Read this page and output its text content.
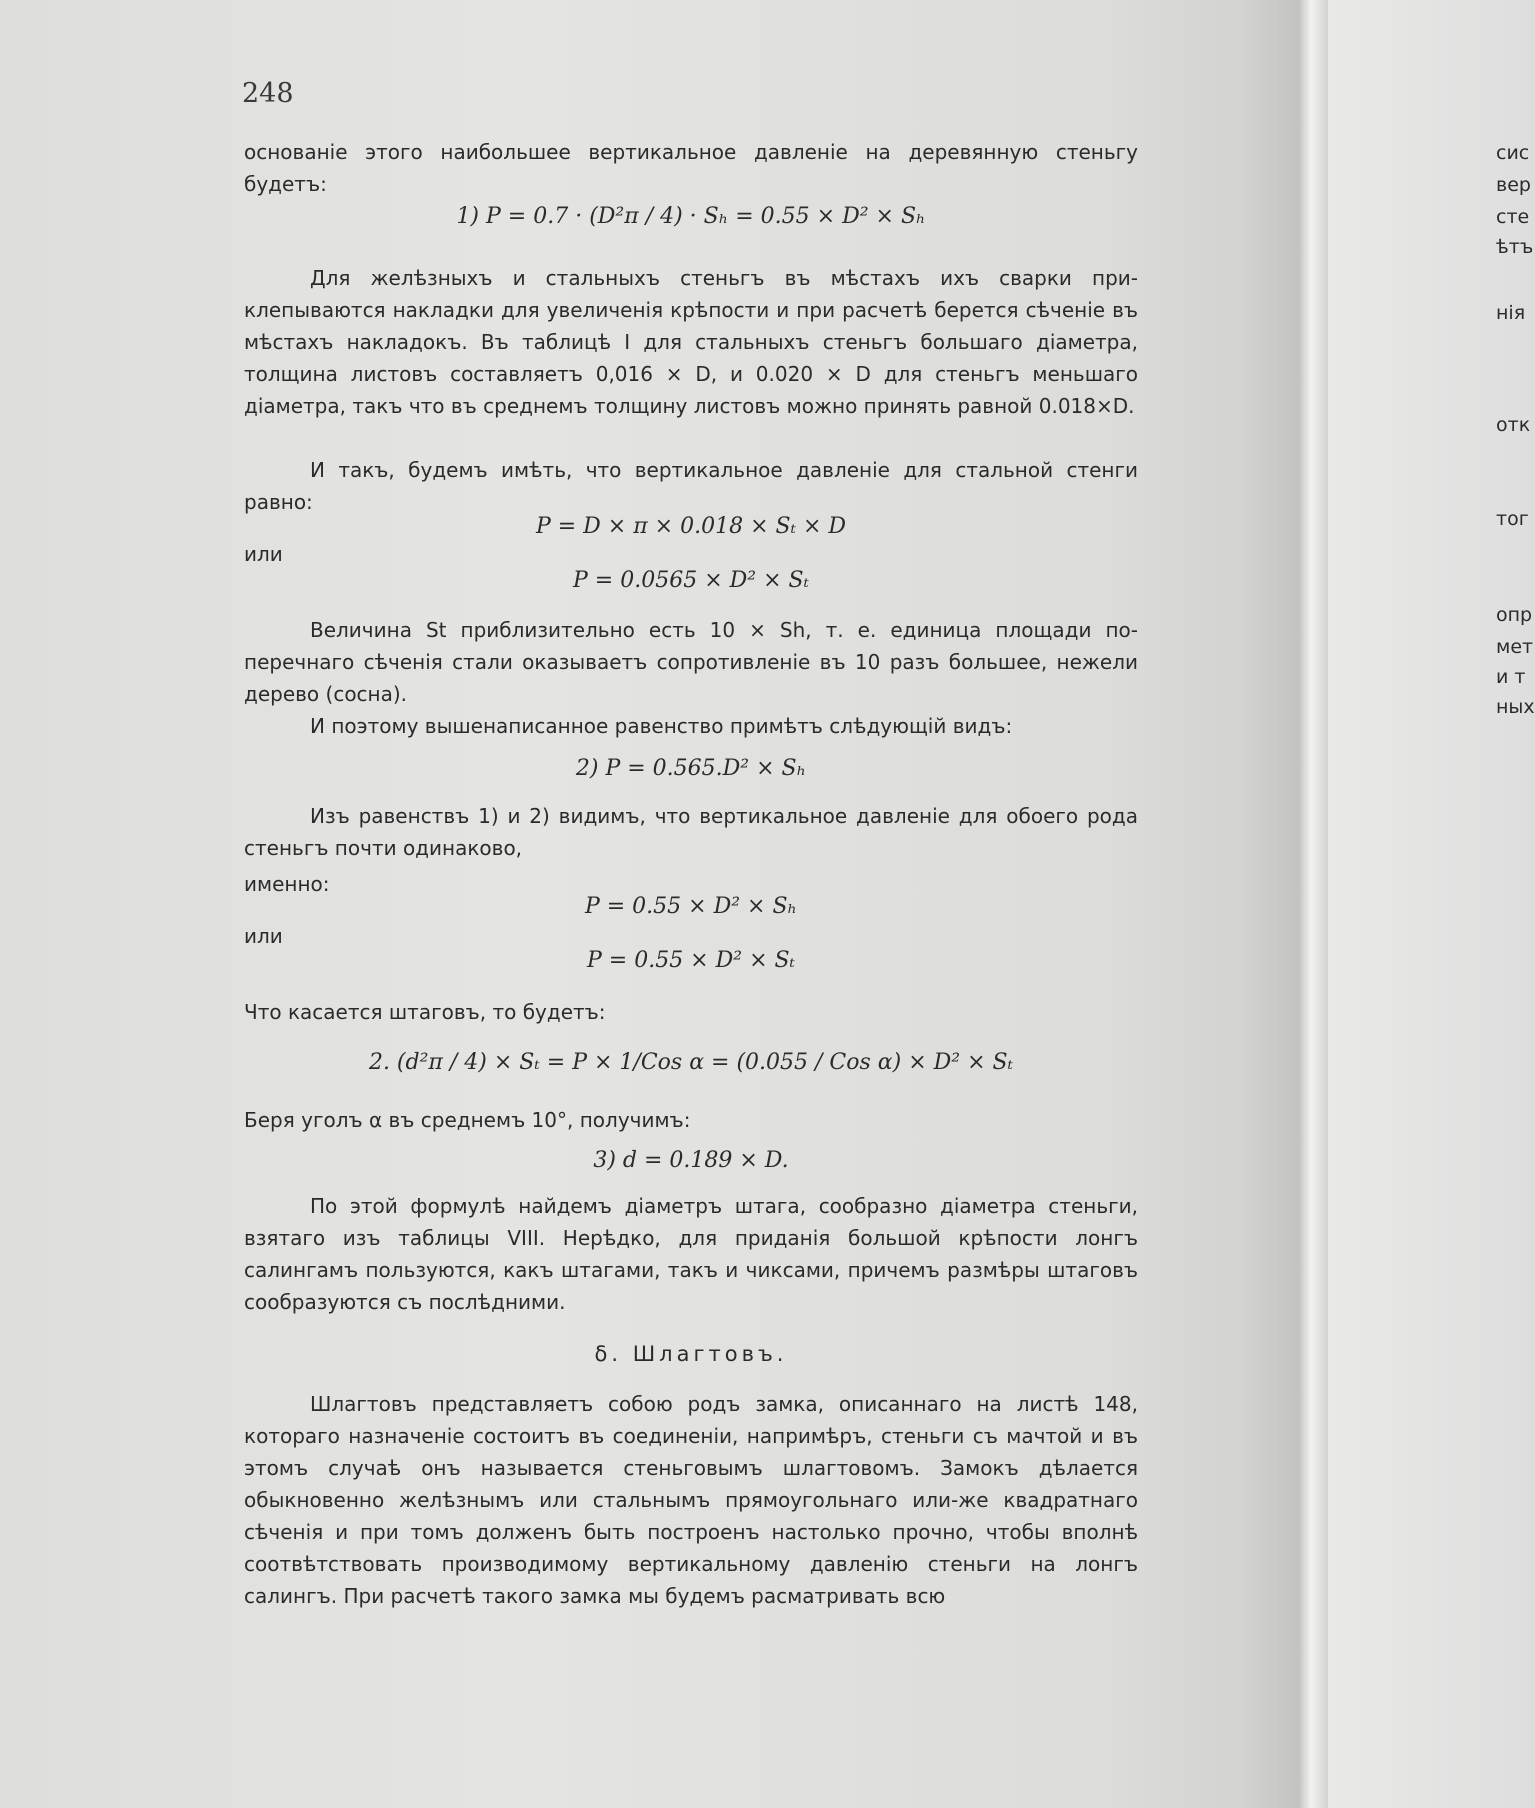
248
основаніе этого наибольшее вертикальное давленіе на деревянную стеньгу будетъ:
1) P = 0.7 · (D²π / 4) · Sₕ = 0.55 × D² × Sₕ
Для желѣзныхъ и стальныхъ стеньгъ въ мѣстахъ ихъ сварки приклепываются накладки для увеличенія крѣпости и при расчетѣ берется сѣченіе въ мѣстахъ накладокъ. Въ таблицѣ I для стальныхъ стеньгъ большаго діаметра, толщина листовъ составляетъ 0,016 × D, и 0.020 × D для стеньгъ меньшаго діаметра, такъ что въ среднемъ толщину листовъ можно принять равной 0.018×D.
И такъ, будемъ имѣть, что вертикальное давленіе для стальной стенги равно:
P = D × π × 0.018 × Sₜ × D
или
P = 0.0565 × D² × Sₜ
Величина St приблизительно есть 10 × Sh, т. е. единица площади поперечнаго сѣченія стали оказываетъ сопротивленіе въ 10 разъ большее, нежели дерево (сосна).
И поэтому вышенаписанное равенство примѣтъ слѣдующій видъ:
2) P = 0.565.D² × Sₕ
Изъ равенствъ 1) и 2) видимъ, что вертикальное давленіе для обоего рода стеньгъ почти одинаково,
именно:
P = 0.55 × D² × Sₕ
или
P = 0.55 × D² × Sₜ
Что касается штаговъ, то будетъ:
2. (d²π / 4) × Sₜ = P × 1/Cos α = (0.055 / Cos α) × D² × Sₜ
Беря уголъ α въ среднемъ 10°, получимъ:
3) d = 0.189 × D.
По этой формулѣ найдемъ діаметръ штага, сообразно діаметра стеньги, взятаго изъ таблицы VIII. Нерѣдко, для приданія большой крѣпости лонгъ салингамъ пользуются, какъ штагами, такъ и чиксами, причемъ размѣры штаговъ сообразуются съ послѣдними.
δ. Шлагтовъ.
Шлагтовъ представляетъ собою родъ замка, описаннаго на листѣ 148, котораго назначеніе состоитъ въ соединеніи, напримѣръ, стеньги съ мачтой и въ этомъ случаѣ онъ называется стеньговымъ шлагтовомъ. Замокъ дѣлается обыкновенно желѣзнымъ или стальнымъ прямоугольнаго или-же квадратнаго сѣченія и при томъ долженъ быть построенъ настолько прочно, чтобы вполнѣ соотвѣтствовать производимому вертикальному давленію стеньги на лонгъ салингъ. При расчетѣ такого замка мы будемъ расматривать всю
сис
вер
сте
ѣтъ
нія
отк
тог
опр
мет
и т
ных
